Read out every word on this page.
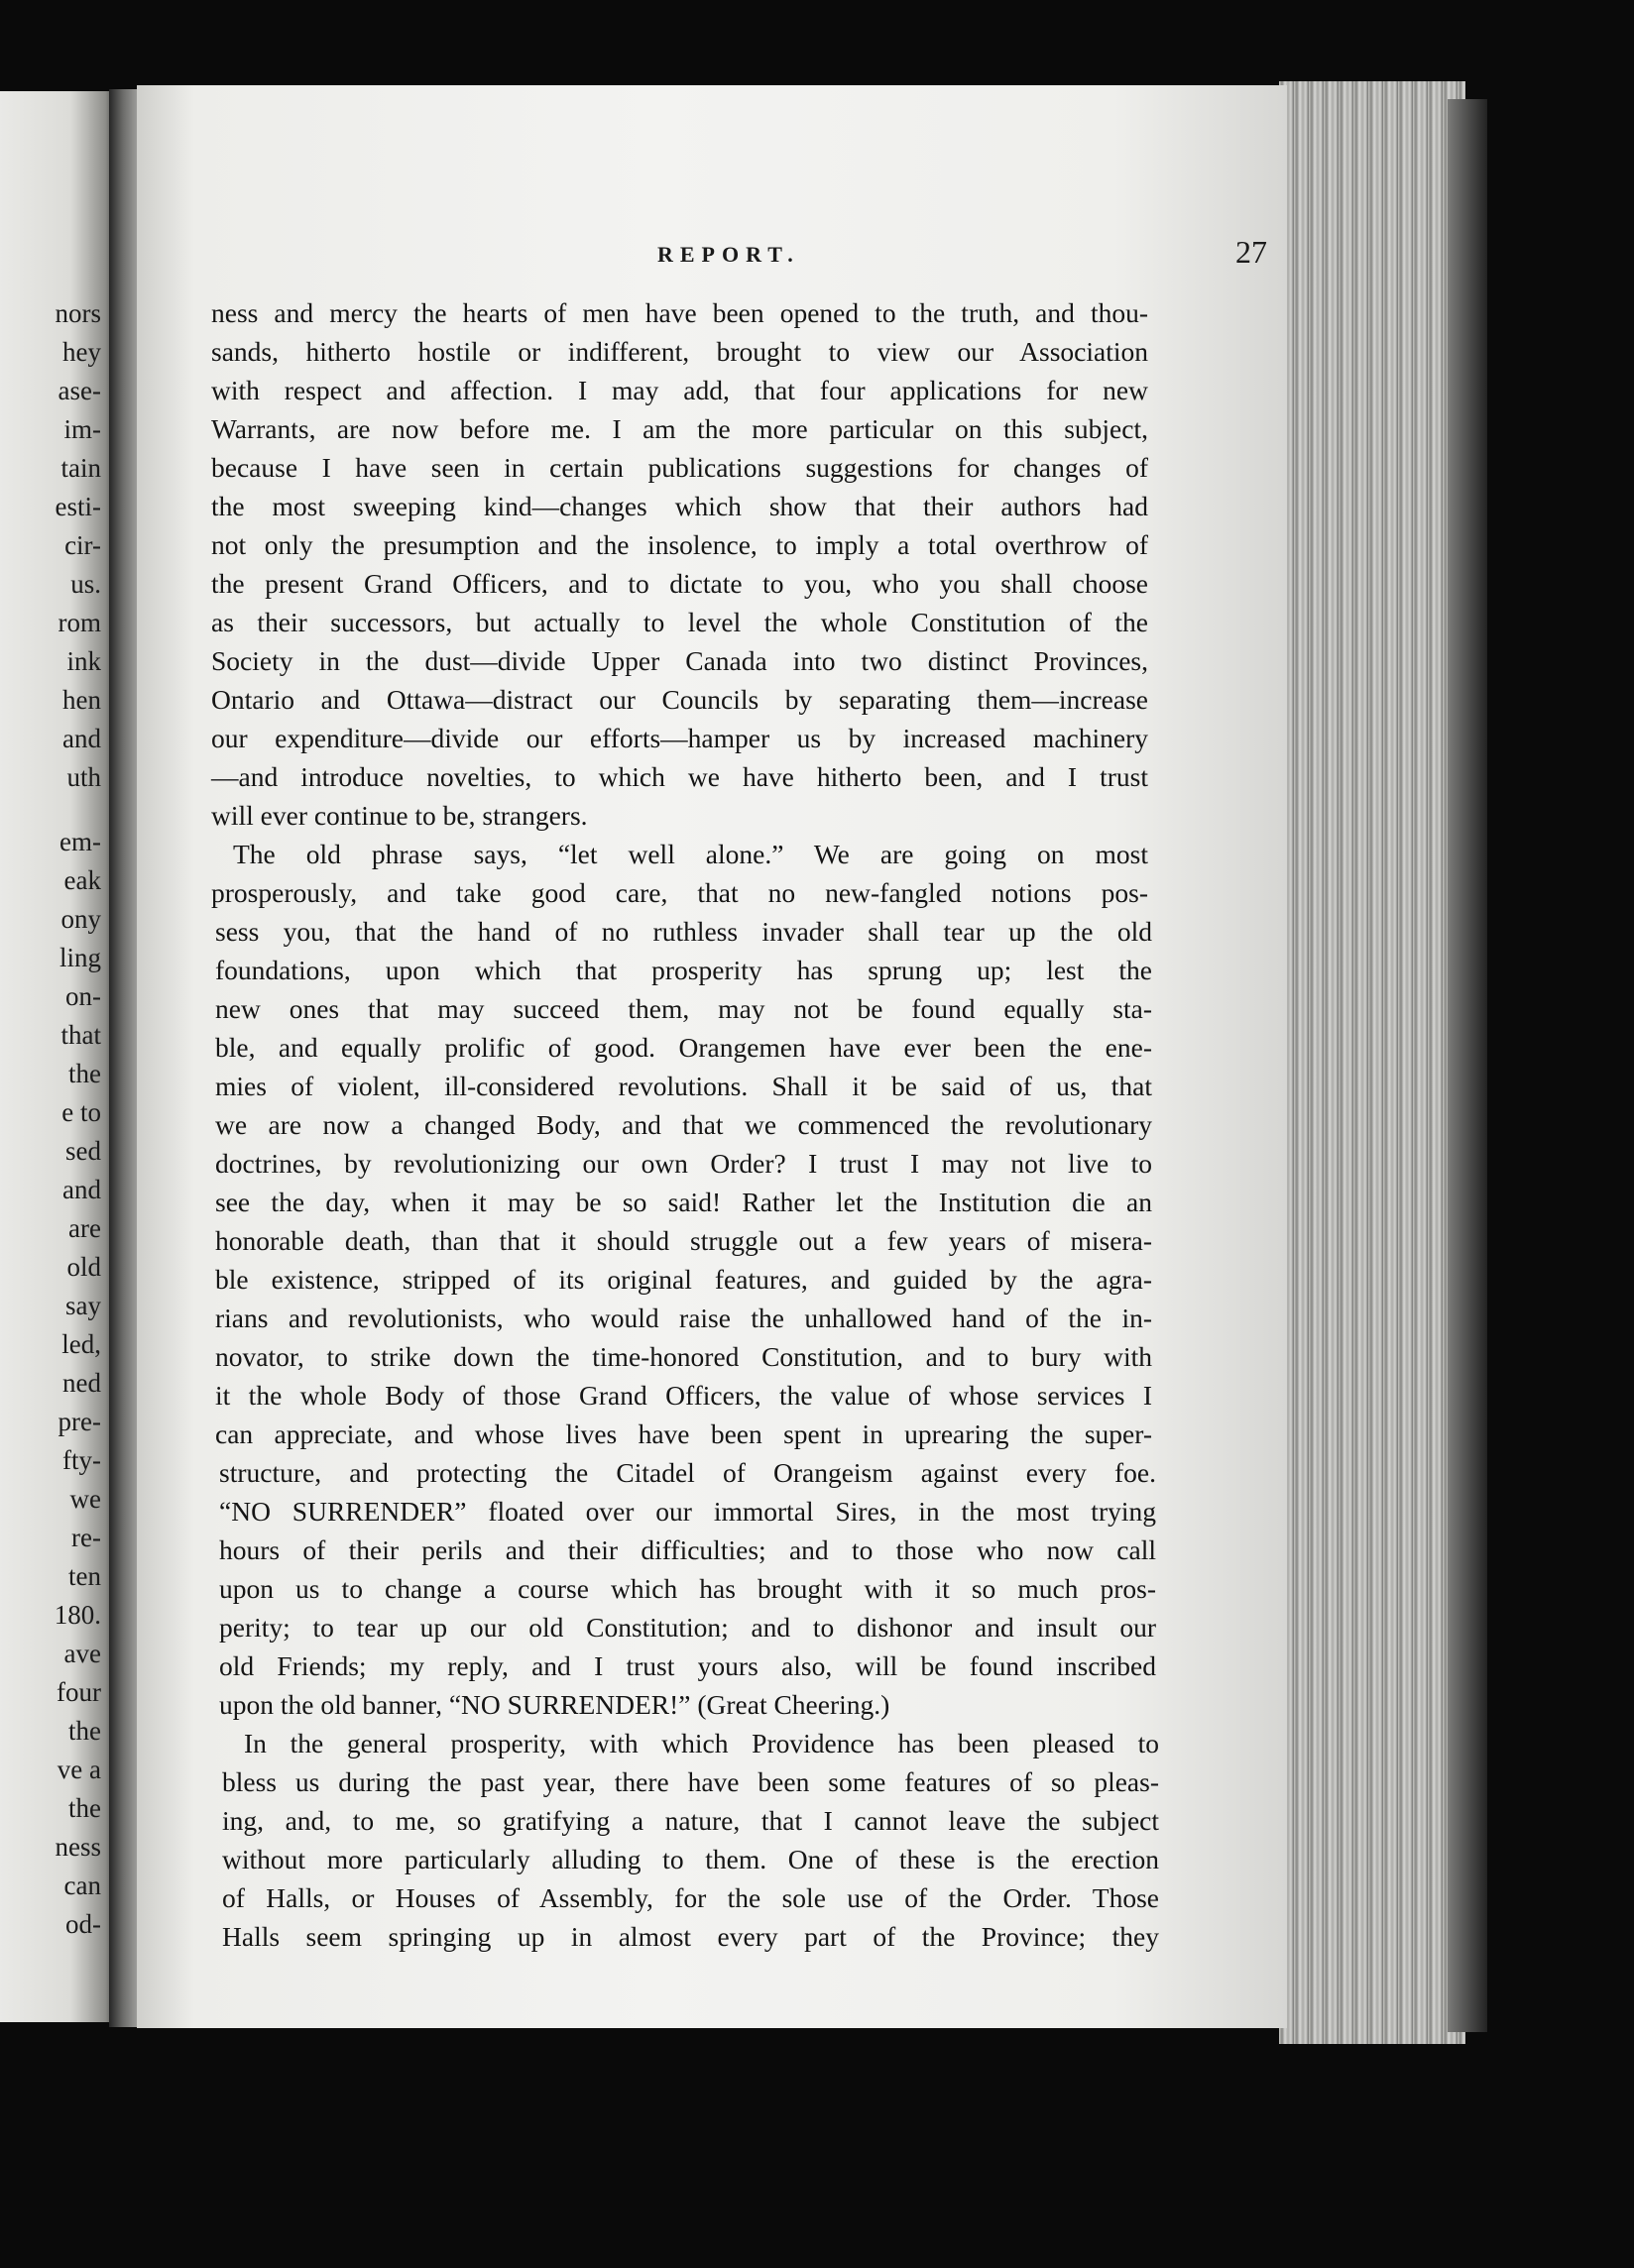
nors
hey
ase-
im-
tain
esti-
cir-
us.
rom
ink
hen
and
uth
em-
eak
ony
ling
on-
that
the
e to
sed
and
are
old
say
led,
ned
pre-
fty-
we
re-
ten
180.
ave
four
the
ve a
the
ness
can
od-
REPORT.	27
ness and mercy the hearts of men have been opened to the truth, and thou-
sands, hitherto hostile or indifferent, brought to view our Association
with respect and affection. I may add, that four applications for new
Warrants, are now before me. I am the more particular on this subject,
because I have seen in certain publications suggestions for changes of
the most sweeping kind—changes which show that their authors had
not only the presumption and the insolence, to imply a total overthrow of
the present Grand Officers, and to dictate to you, who you shall choose
as their successors, but actually to level the whole Constitution of the
Society in the dust—divide Upper Canada into two distinct Provinces,
Ontario and Ottawa—distract our Councils by separating them—increase
our expenditure—divide our efforts—hamper us by increased machinery
—and introduce novelties, to which we have hitherto been, and I trust
will ever continue to be, strangers.
The old phrase says, “let well alone.” We are going on most
prosperously, and take good care, that no new-fangled notions pos-
sess you, that the hand of no ruthless invader shall tear up the old
foundations, upon which that prosperity has sprung up; lest the
new ones that may succeed them, may not be found equally sta-
ble, and equally prolific of good. Orangemen have ever been the ene-
mies of violent, ill-considered revolutions. Shall it be said of us, that
we are now a changed Body, and that we commenced the revolutionary
doctrines, by revolutionizing our own Order? I trust I may not live to
see the day, when it may be so said! Rather let the Institution die an
honorable death, than that it should struggle out a few years of misera-
ble existence, stripped of its original features, and guided by the agra-
rians and revolutionists, who would raise the unhallowed hand of the in-
novator, to strike down the time-honored Constitution, and to bury with
it the whole Body of those Grand Officers, the value of whose services I
can appreciate, and whose lives have been spent in uprearing the super-
structure, and protecting the Citadel of Orangeism against every foe.
“NO SURRENDER” floated over our immortal Sires, in the most trying
hours of their perils and their difficulties; and to those who now call
upon us to change a course which has brought with it so much pros-
perity; to tear up our old Constitution; and to dishonor and insult our
old Friends; my reply, and I trust yours also, will be found inscribed
upon the old banner, “NO SURRENDER!” (Great Cheering.)
In the general prosperity, with which Providence has been pleased to
bless us during the past year, there have been some features of so pleas-
ing, and, to me, so gratifying a nature, that I cannot leave the subject
without more particularly alluding to them. One of these is the erection
of Halls, or Houses of Assembly, for the sole use of the Order. Those
Halls seem springing up in almost every part of the Province; they
